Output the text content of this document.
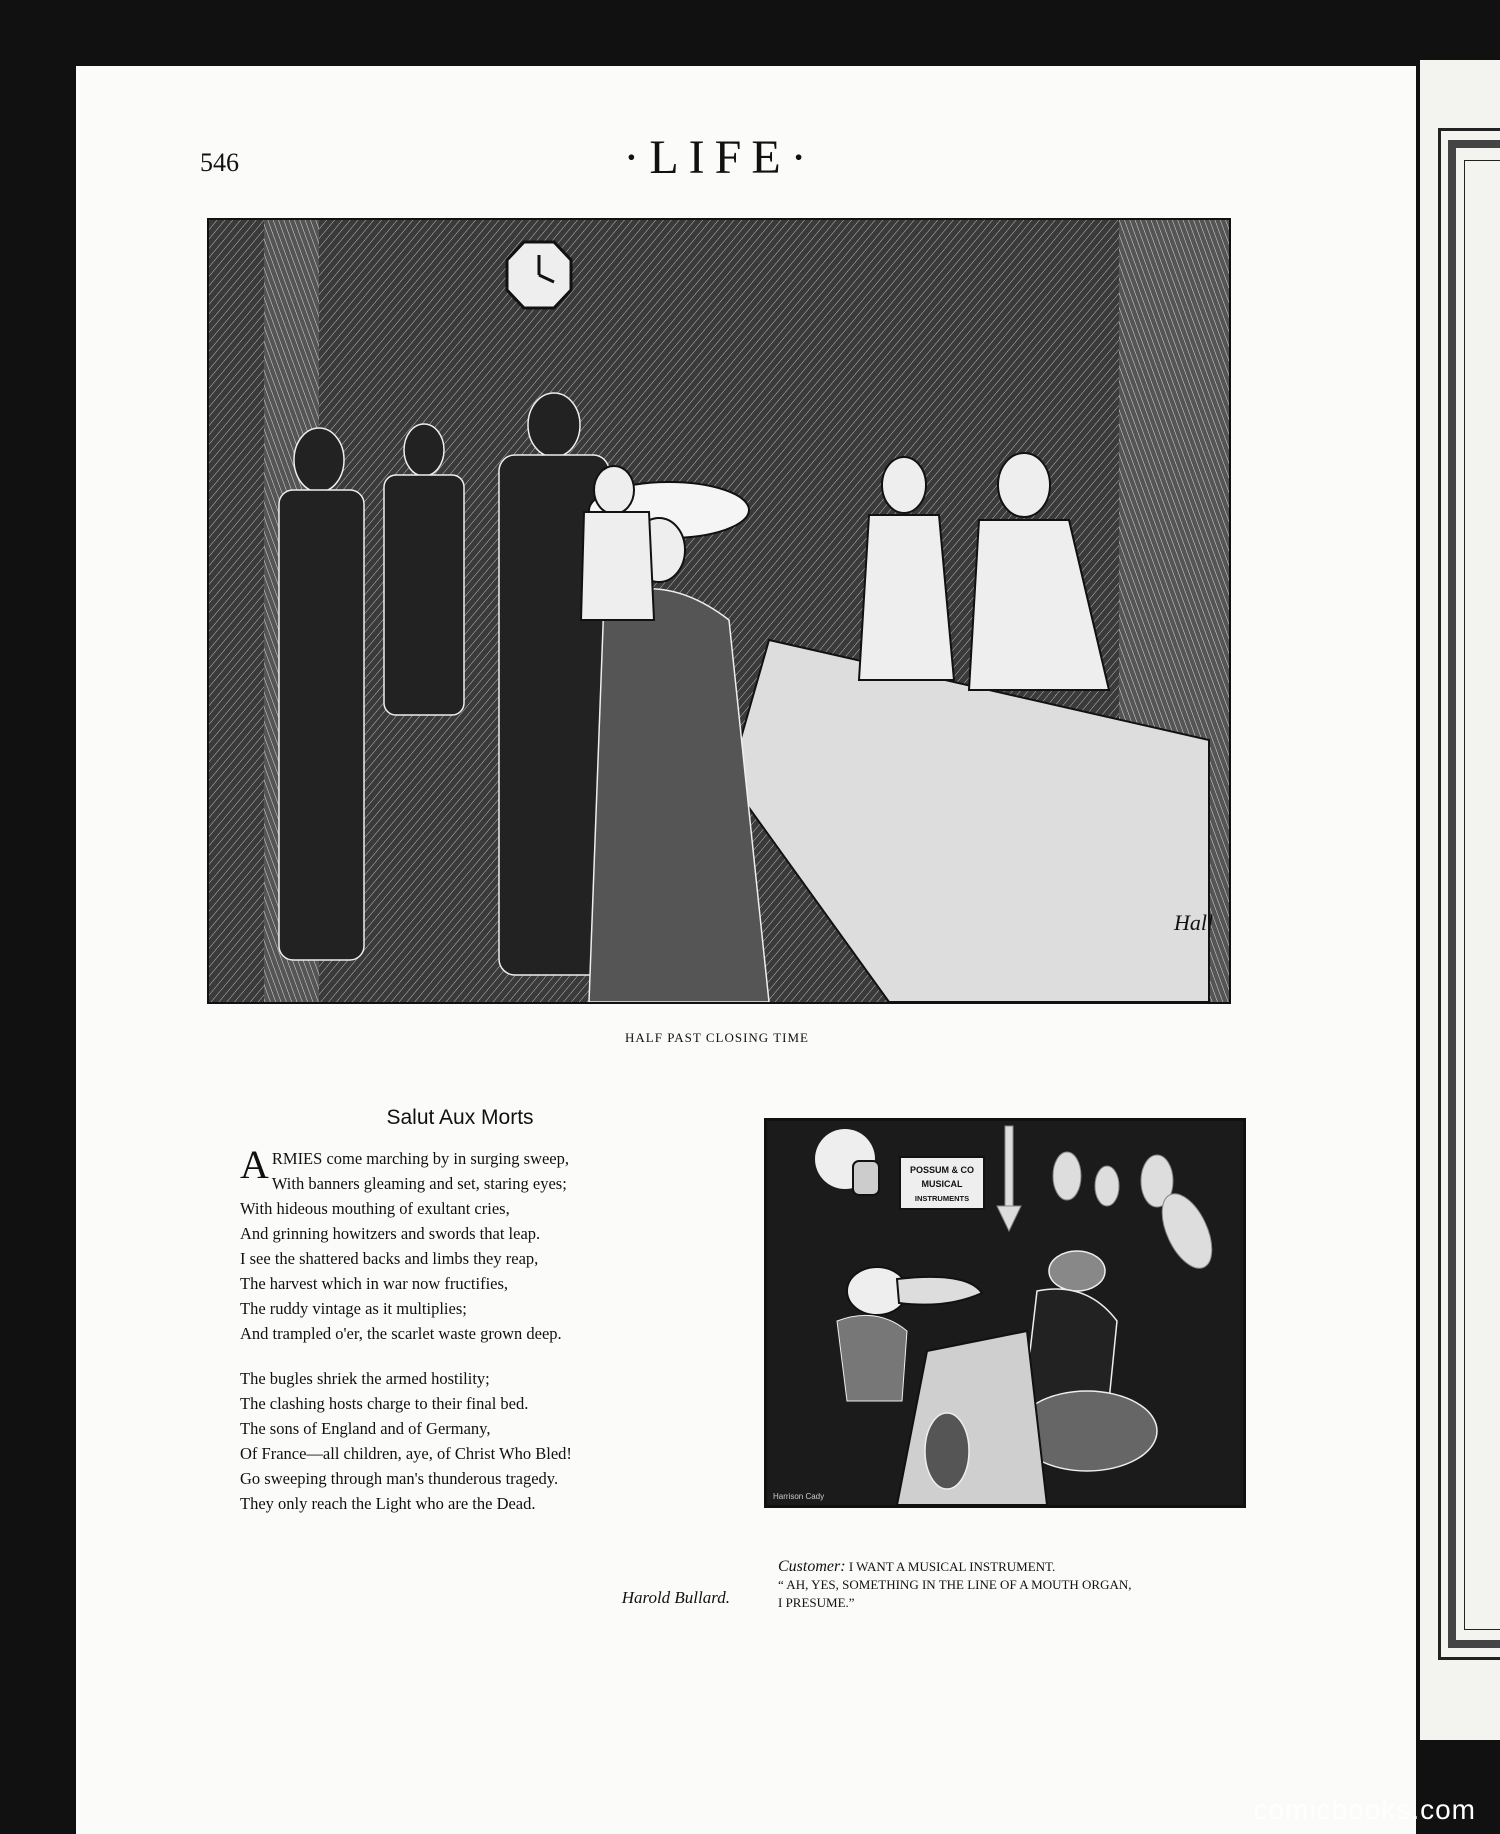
546	·LIFE·
Hall
HALF PAST CLOSING TIME
Salut Aux Morts
ARMIES come marching by in surging sweep,
With banners gleaming and set, staring eyes;
With hideous mouthing of exultant cries,
And grinning howitzers and swords that leap.
I see the shattered backs and limbs they reap,
The harvest which in war now fructifies,
The ruddy vintage as it multiplies;
And trampled o'er, the scarlet waste grown deep.
The bugles shriek the armed hostility;
The clashing hosts charge to their final bed.
The sons of England and of Germany,
Of France—all children, aye, of Christ Who Bled!
Go sweeping through man's thunderous tragedy.
They only reach the Light who are the Dead.
Harold Bullard.
POSSUM & CO
MUSICAL
INSTRUMENTS
Harrison Cady
Customer: I WANT A MUSICAL INSTRUMENT.
“ AH, YES, SOMETHING IN THE LINE OF A MOUTH ORGAN,
I PRESUME.”
comicbooks.com
